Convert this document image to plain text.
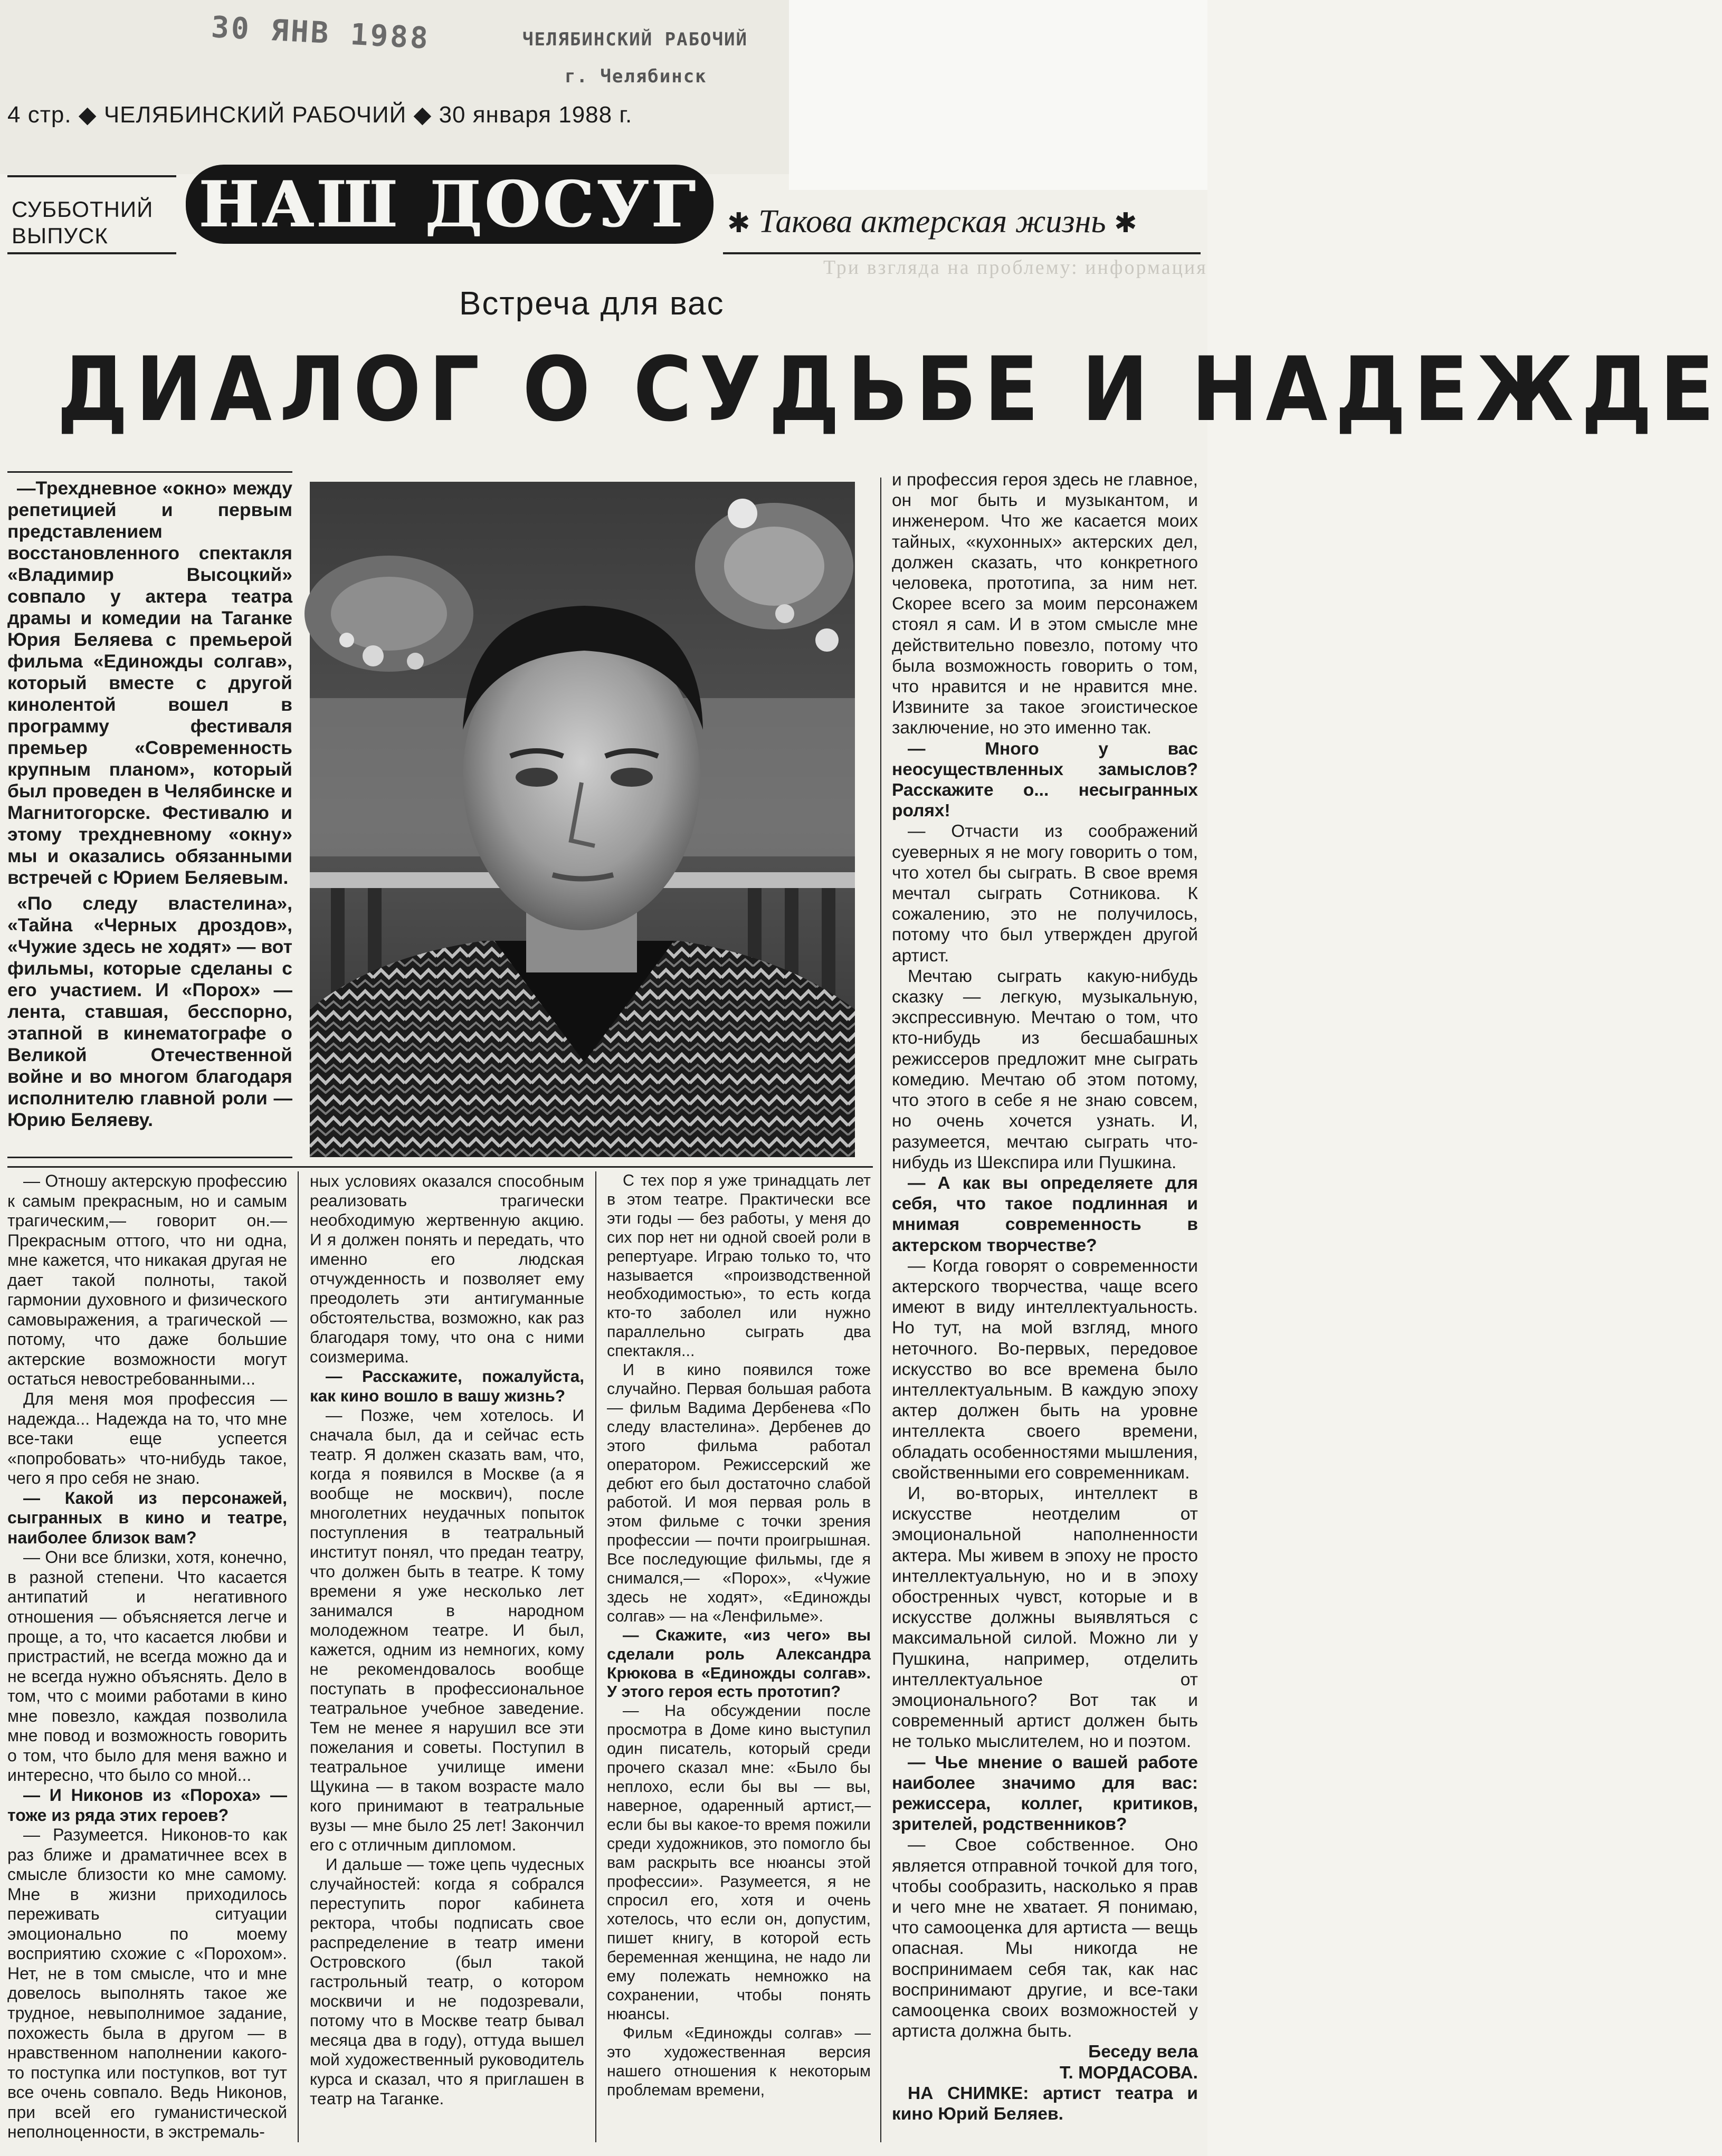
30 ЯНВ 1988	ЧЕЛЯБИНСКИЙ РАБОЧИЙ
г. Челябинск
4 стр. ◆ ЧЕЛЯБИНСКИЙ РАБОЧИЙ ◆ 30 января 1988 г.
СУББОТНИЙ
ВЫПУСК	НАШ ДОСУГ ✱ Такова актерская жизнь ✱
Три взгляда на проблему: информация
Встреча для вас
ДИАЛОГ О СУДЬБЕ И НАДЕЖДЕ

—Трехдневное «окно» между репетицией и первым представлением восстановленного спектакля «Владимир Высоцкий» совпало у актера театра драмы и комедии на Таганке Юрия Беляева с премьерой фильма «Единожды солгав», который вместе с другой кинолентой вошел в программу фестиваля премьер «Современность крупным планом», который был проведен в Челябинске и Магнитогорске. Фестивалю и этому трехдневному «окну» мы и оказались обязанными встречей с Юрием Беляевым.

«По следу властелина», «Тайна «Черных дроздов», «Чужие здесь не ходят» — вот фильмы, которые сделаны с его участием. И «Порох» — лента, ставшая, бесспорно, этапной в кинематографе о Великой Отечественной войне и во многом благодаря исполнителю главной роли — Юрию Беляеву.

— Отношу актерскую профессию к самым прекрасным, но и самым трагическим,— говорит он.— Прекрасным оттого, что ни одна, мне кажется, что никакая другая не дает такой полноты, такой гармонии духовного и физического самовыражения, а трагической — потому, что даже большие актерские возможности могут остаться невостребованными...

Для меня моя профессия — надежда... Надежда на то, что мне все-таки еще успеется «попробовать» что-нибудь такое, чего я про себя не знаю.

— Какой из персонажей, сыгранных в кино и театре, наиболее близок вам?

— Они все близки, хотя, конечно, в разной степени. Что касается антипатий и негативного отношения — объясняется легче и проще, а то, что касается любви и пристрастий, не всегда можно да и не всегда нужно объяснять. Дело в том, что с моими работами в кино мне повезло, каждая позволила мне повод и возможность говорить о том, что было для меня важно и интересно, что было со мной...

— И Никонов из «Пороха» — тоже из ряда этих героев?

— Разумеется. Никонов-то как раз ближе и драматичнее всех в смысле близости ко мне самому. Мне в жизни приходилось переживать ситуации эмоционально по моему восприятию схожие с «Порохом». Нет, не в том смысле, что и мне довелось выполнять такое же трудное, невыполнимое задание, похожесть была в другом — в нравственном наполнении какого-то поступка или поступков, вот тут все очень совпало. Ведь Никонов, при всей его гуманистической неполноценности, в экстремаль-

ных условиях оказался способным реализовать трагически необходимую жертвенную акцию. И я должен понять и передать, что именно его людская отчужденность и позволяет ему преодолеть эти антигуманные обстоятельства, возможно, как раз благодаря тому, что она с ними соизмерима.

— Расскажите, пожалуйста, как кино вошло в вашу жизнь?

— Позже, чем хотелось. И сначала был, да и сейчас есть театр. Я должен сказать вам, что, когда я появился в Москве (а я вообще не москвич), после многолетних неудачных попыток поступления в театральный институт понял, что предан театру, что должен быть в театре. К тому времени я уже несколько лет занимался в народном молодежном театре. И был, кажется, одним из немногих, кому не рекомендовалось вообще поступать в профессиональное театральное учебное заведение. Тем не менее я нарушил все эти пожелания и советы. Поступил в театральное училище имени Щукина — в таком возрасте мало кого принимают в театральные вузы — мне было 25 лет! Закончил его с отличным дипломом.

И дальше — тоже цепь чудесных случайностей: когда я собрался переступить порог кабинета ректора, чтобы подписать свое распределение в театр имени Островского (был такой гастрольный театр, о котором москвичи и не подозревали, потому что в Москве театр бывал месяца два в году), оттуда вышел мой художественный руководитель курса и сказал, что я приглашен в театр на Таганке.

С тех пор я уже тринадцать лет в этом театре. Практически все эти годы — без работы, у меня до сих пор нет ни одной своей роли в репертуаре. Играю только то, что называется «производственной необходимостью», то есть когда кто-то заболел или нужно параллельно сыграть два спектакля...

И в кино появился тоже случайно. Первая большая работа — фильм Вадима Дербенева «По следу властелина». Дербенев до этого фильма работал оператором. Режиссерский же дебют его был достаточно слабой работой. И моя первая роль в этом фильме с точки зрения профессии — почти проигрышная. Все последующие фильмы, где я снимался,— «Порох», «Чужие здесь не ходят», «Единожды солгав» — на «Ленфильме».

— Скажите, «из чего» вы сделали роль Александра Крюкова в «Единожды солгав». У этого героя есть прототип?

— На обсуждении после просмотра в Доме кино выступил один писатель, который среди прочего сказал мне: «Было бы неплохо, если бы вы — вы, наверное, одаренный артист,— если бы вы какое-то время пожили среди художников, это помогло бы вам раскрыть все нюансы этой профессии». Разумеется, я не спросил его, хотя и очень хотелось, что если он, допустим, пишет книгу, в которой есть беременная женщина, не надо ли ему полежать немножко на сохранении, чтобы понять нюансы.

Фильм «Единожды солгав» — это художественная версия нашего отношения к некоторым проблемам времени,

и профессия героя здесь не главное, он мог быть и музыкантом, и инженером. Что же касается моих тайных, «кухонных» актерских дел, должен сказать, что конкретного человека, прототипа, за ним нет. Скорее всего за моим персонажем стоял я сам. И в этом смысле мне действительно повезло, потому что была возможность говорить о том, что нравится и не нравится мне. Извините за такое эгоистическое заключение, но это именно так.

— Много у вас неосуществленных замыслов? Расскажите о... несыгранных ролях!

— Отчасти из соображений суеверных я не могу говорить о том, что хотел бы сыграть. В свое время мечтал сыграть Сотникова. К сожалению, это не получилось, потому что был утвержден другой артист.

Мечтаю сыграть какую-нибудь сказку — легкую, музыкальную, экспрессивную. Мечтаю о том, что кто-нибудь из бесшабашных режиссеров предложит мне сыграть комедию. Мечтаю об этом потому, что этого в себе я не знаю совсем, но очень хочется узнать. И, разумеется, мечтаю сыграть что-нибудь из Шекспира или Пушкина.

— А как вы определяете для себя, что такое подлинная и мнимая современность в актерском творчестве?

— Когда говорят о современности актерского творчества, чаще всего имеют в виду интеллектуальность. Но тут, на мой взгляд, много неточного. Во-первых, передовое искусство во все времена было интеллектуальным. В каждую эпоху актер должен быть на уровне интеллекта своего времени, обладать особенностями мышления, свойственными его современникам.

И, во-вторых, интеллект в искусстве неотделим от эмоциональной наполненности актера. Мы живем в эпоху не просто интеллектуальную, но и в эпоху обостренных чувст, которые и в искусстве должны выявляться с максимальной силой. Можно ли у Пушкина, например, отделить интеллектуальное от эмоционального? Вот так и современный артист должен быть не только мыслителем, но и поэтом.

— Чье мнение о вашей работе наиболее значимо для вас: режиссера, коллег, критиков, зрителей, родственников?

— Свое собственное. Оно является отправной точкой для того, чтобы сообразить, насколько я прав и чего мне не хватает. Я понимаю, что самооценка для артиста — вещь опасная. Мы никогда не воспринимаем себя так, как нас воспринимают другие, и все-таки самооценка своих возможностей у артиста должна быть.

Беседу вела

Т. МОРДАСОВА.

НА СНИМКЕ: артист театра и кино Юрий Беляев.
